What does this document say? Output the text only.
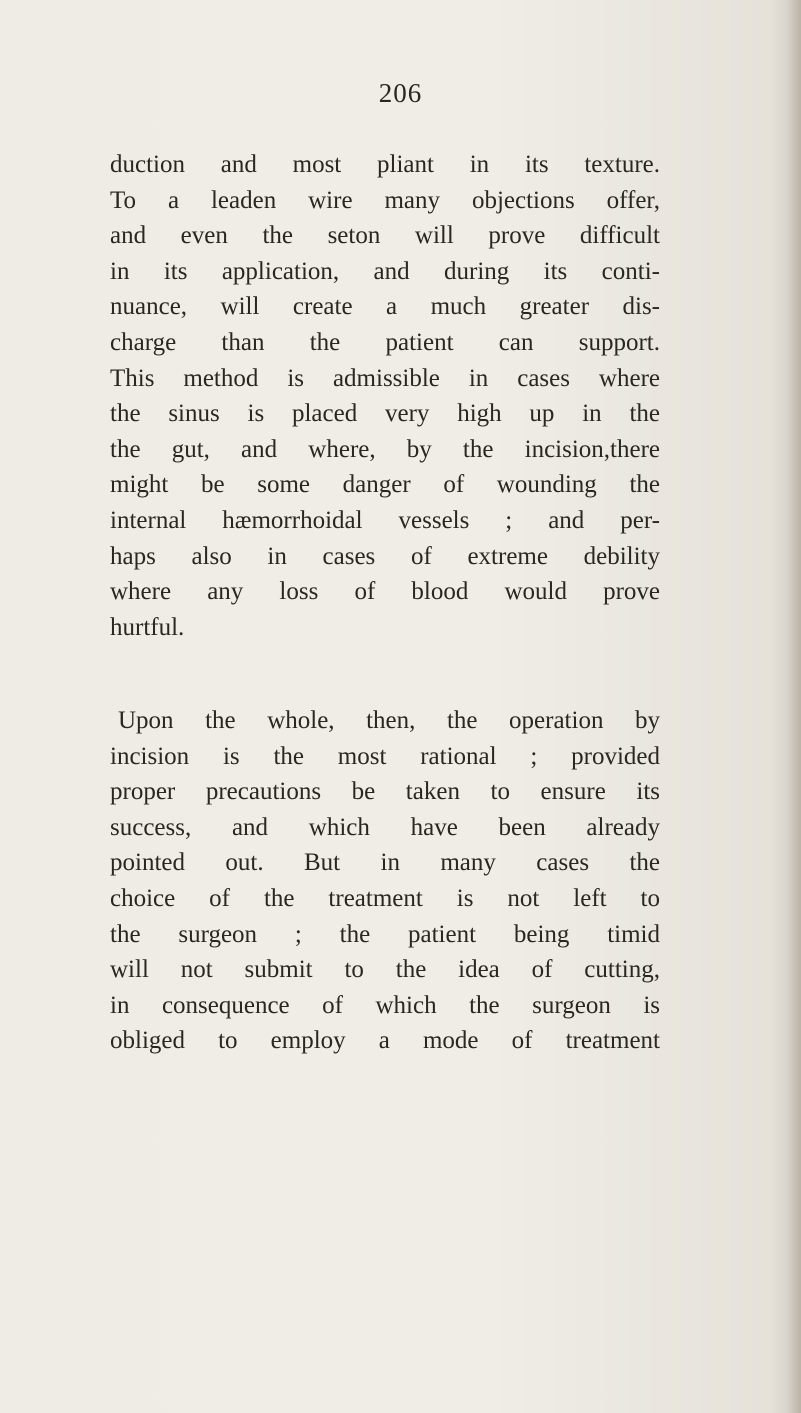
206
duction and most pliant in its texture.
To a leaden wire many objections offer,
and even the seton will prove difficult
in its application, and during its conti-
nuance, will create a much greater dis-
charge than the patient can support.
This method is admissible in cases where
the sinus is placed very high up in the
the gut, and where, by the incision,there
might be some danger of wounding the
internal hæmorrhoidal vessels ; and per-
haps also in cases of extreme debility
where any loss of blood would prove
hurtful.
Upon the whole, then, the operation by
incision is the most rational ; provided
proper precautions be taken to ensure its
success, and which have been already
pointed out. But in many cases the
choice of the treatment is not left to
the surgeon ; the patient being timid
will not submit to the idea of cutting,
in consequence of which the surgeon is
obliged to employ a mode of treatment
